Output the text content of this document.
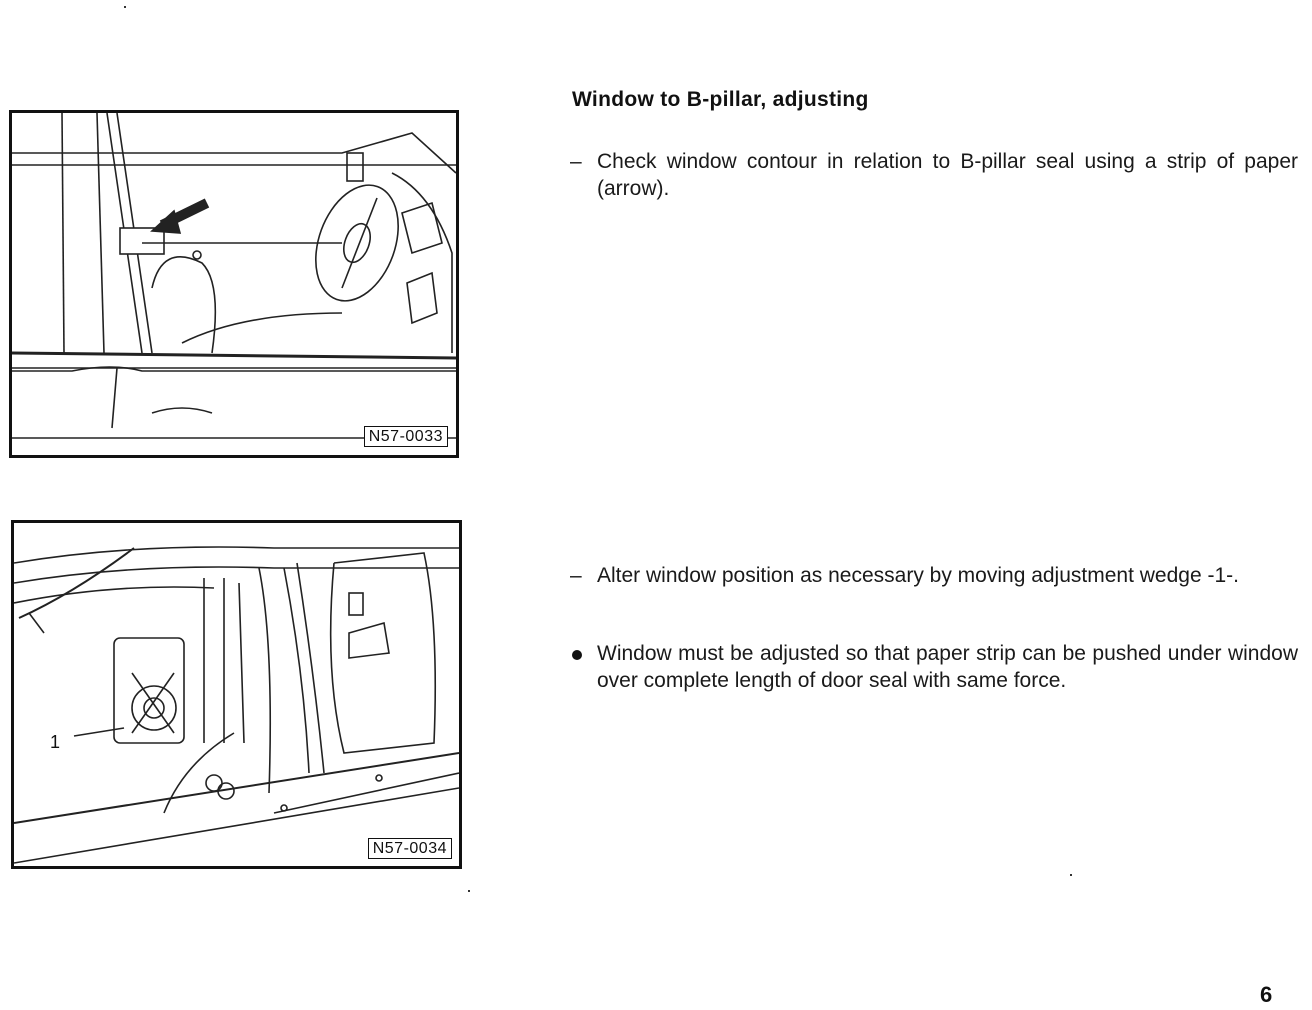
N57-0033
1
N57-0034
Window to B-pillar, adjusting
– Check window contour in relation to B-pillar seal using a strip of paper (arrow).
– Alter window position as necessary by moving adjustment wedge -1-.
Window must be adjusted so that paper strip can be pushed under window over complete length of door seal with same force.
6
